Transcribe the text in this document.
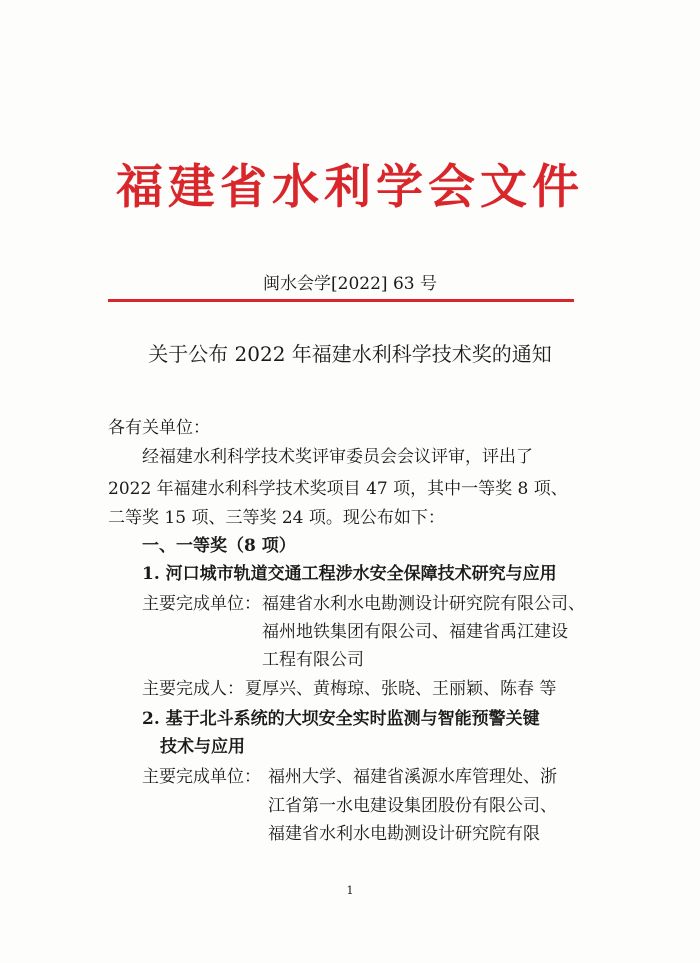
福建省水利学会文件
闽水会学[2022] 63 号
关于公布 2022 年福建水利科学技术奖的通知
各有关单位：
经福建水利科学技术奖评审委员会会议评审，评出了
2022 年福建水利科学技术奖项目 47 项，其中一等奖 8 项、
二等奖 15 项、三等奖 24 项。现公布如下：
一、一等奖（8 项）
1. 河口城市轨道交通工程涉水安全保障技术研究与应用
主要完成单位： 福建省水利水电勘测设计研究院有限公司、
福州地铁集团有限公司、福建省禹江建设
工程有限公司
主要完成人： 夏厚兴、黄梅琼、张晓、王丽颖、陈春 等
2. 基于北斗系统的大坝安全实时监测与智能预警关键
技术与应用
主要完成单位： 福州大学、福建省溪源水库管理处、浙
江省第一水电建设集团股份有限公司、
福建省水利水电勘测设计研究院有限
1
